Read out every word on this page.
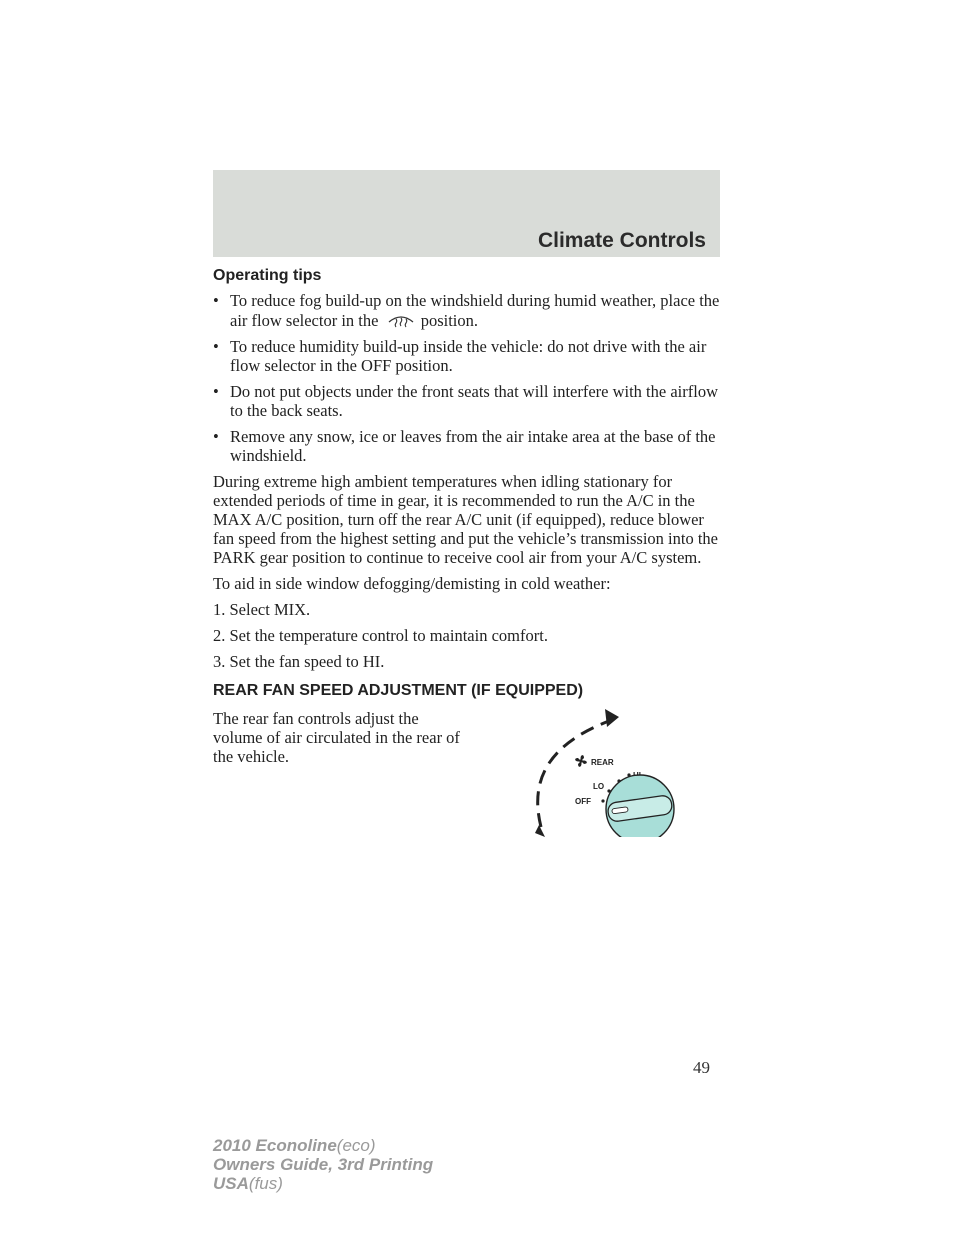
Climate Controls
Operating tips
• To reduce fog build-up on the windshield during humid weather, place the air flow selector in the	position.
• To reduce humidity build-up inside the vehicle: do not drive with the air flow selector in the OFF position.
• Do not put objects under the front seats that will interfere with the airflow to the back seats.
• Remove any snow, ice or leaves from the air intake area at the base of the windshield.

During extreme high ambient temperatures when idling stationary for extended periods of time in gear, it is recommended to run the A/C in the MAX A/C position, turn off the rear A/C unit (if equipped), reduce blower fan speed from the highest setting and put the vehicle’s transmission into the PARK gear position to continue to receive cool air from your A/C system.

To aid in side window defogging/demisting in cold weather:

1. Select MIX.

2. Set the temperature control to maintain comfort.

3. Set the fan speed to HI.

REAR FAN SPEED ADJUSTMENT (IF EQUIPPED)
The rear fan controls adjust the volume of air circulated in the rear of the vehicle.	REAR
LO
OFF
49
2010 Econoline(eco)
Owners Guide, 3rd Printing
USA(fus)
